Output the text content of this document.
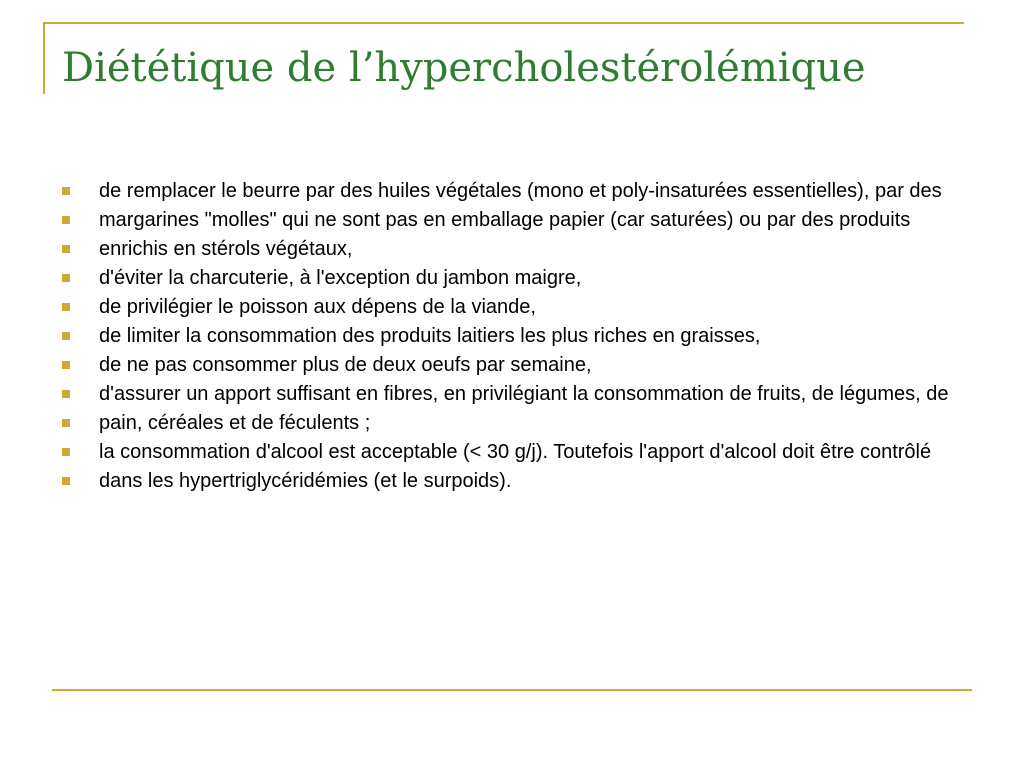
Diététique de l’hypercholestérolémique
de remplacer le beurre par des huiles végétales (mono et poly-insaturées essentielles), par des
margarines "molles" qui ne sont pas en emballage papier (car saturées) ou par des produits
enrichis en stérols végétaux,
d'éviter la charcuterie, à l'exception du jambon maigre,
de privilégier le poisson aux dépens de la viande,
de limiter la consommation des produits laitiers les plus riches en graisses,
de ne pas consommer plus de deux oeufs par semaine,
d'assurer un apport suffisant en fibres, en privilégiant la consommation de fruits, de légumes, de
pain, céréales et de féculents ;
la consommation d'alcool est acceptable (< 30 g/j). Toutefois l'apport d'alcool doit être contrôlé
dans les hypertriglycéridémies (et le surpoids).
